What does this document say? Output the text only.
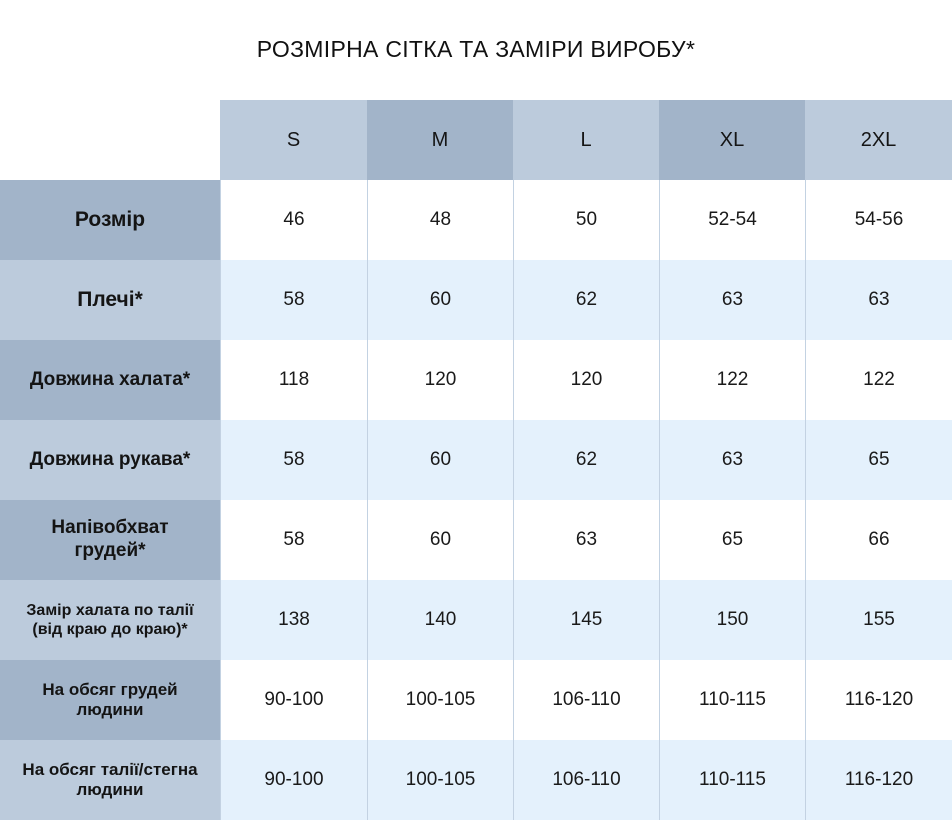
РОЗМІРНА СІТКА ТА ЗАМІРИ ВИРОБУ*
S	M	L	XL	2XL
Розмір	46	48	50	52-54	54-56
Плечі*	58	60	62	63	63
Довжина халата*	118	120	120	122	122
Довжина рукава*	58	60	62	63	65
Напівобхват
грудей*
58	60	63	65	66
Замір халата по талії
(від краю до краю)*	138	140	145	150	155
На обсяг грудей
людини	90-100	100-105	106-110	110-115	116-120
На обсяг талії/стегна
людини	90-100	100-105	106-110	110-115	116-120
